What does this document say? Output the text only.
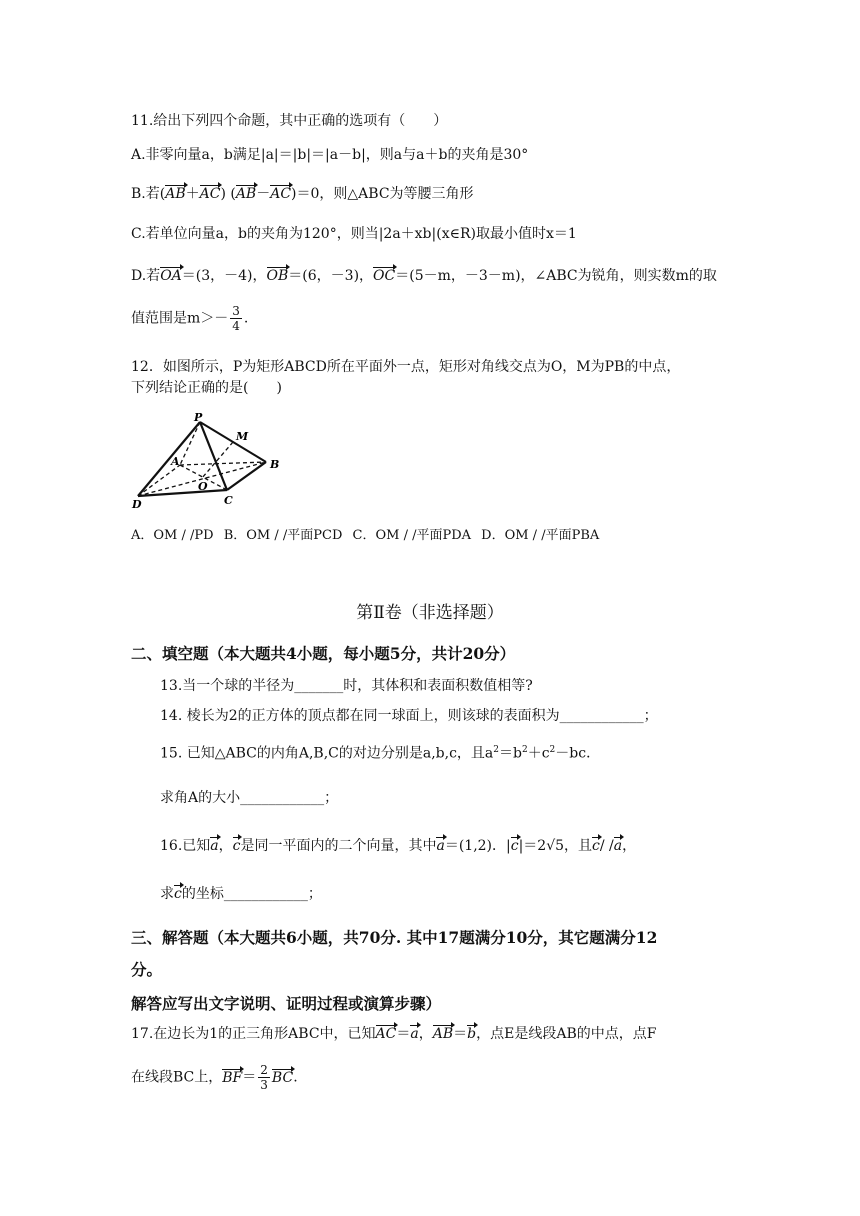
11.给出下列四个命题，其中正确的选项有（　　）
A.非零向量a，b满足|a|＝|b|＝|a－b|，则a与a＋b的夹角是30°
B.若(AB＋AC) (AB－AC)＝0，则△ABC为等腰三角形
C.若单位向量a，b的夹角为120°，则当|2a＋xb|(x∈R)取最小值时x＝1
D.若OA＝(3，－4)，OB＝(6，－3)，OC＝(5－m，－3－m)，∠ABC为锐角，则实数m的取
值范围是$m>- \frac{3}{4}$ .
12．如图所示，P为矩形ABCD所在平面外一点，矩形对角线交点为O，M为PB的中点，
下列结论正确的是(　　)
P
M
A	B
O
D	C
A．OM / /PD B．OM / /平面PCD C．OM / /平面PDA D．OM / /平面PBA
第Ⅱ卷（非选择题）
二、填空题（本大题共4小题，每小题5分，共计20分）
13.当一个球的半径为_______时，其体积和表面积数值相等?
14. 棱长为2的正方体的顶点都在同一球面上，则该球的表面积为____________；
15. 已知△ABC的内角A,B,C的对边分别是a,b,c，且$a^2=b^2+c^2-bc$．
求角A的大小____________；
16.已知a，c是同一平面内的二个向量，其中a＝(1,2)．|c|＝2√5，且c/ /a，
求c的坐标____________；
三、解答题（本大题共6小题，共70分. 其中17题满分10分，其它题满分12
分。
解答应写出文字说明、证明过程或演算步骤）
17.在边长为1的正三角形ABC中，已知AC＝a，AB＝b，点E是线段AB的中点，点F
在线段BC上，$BF= \frac{2}{3}$ BC.
